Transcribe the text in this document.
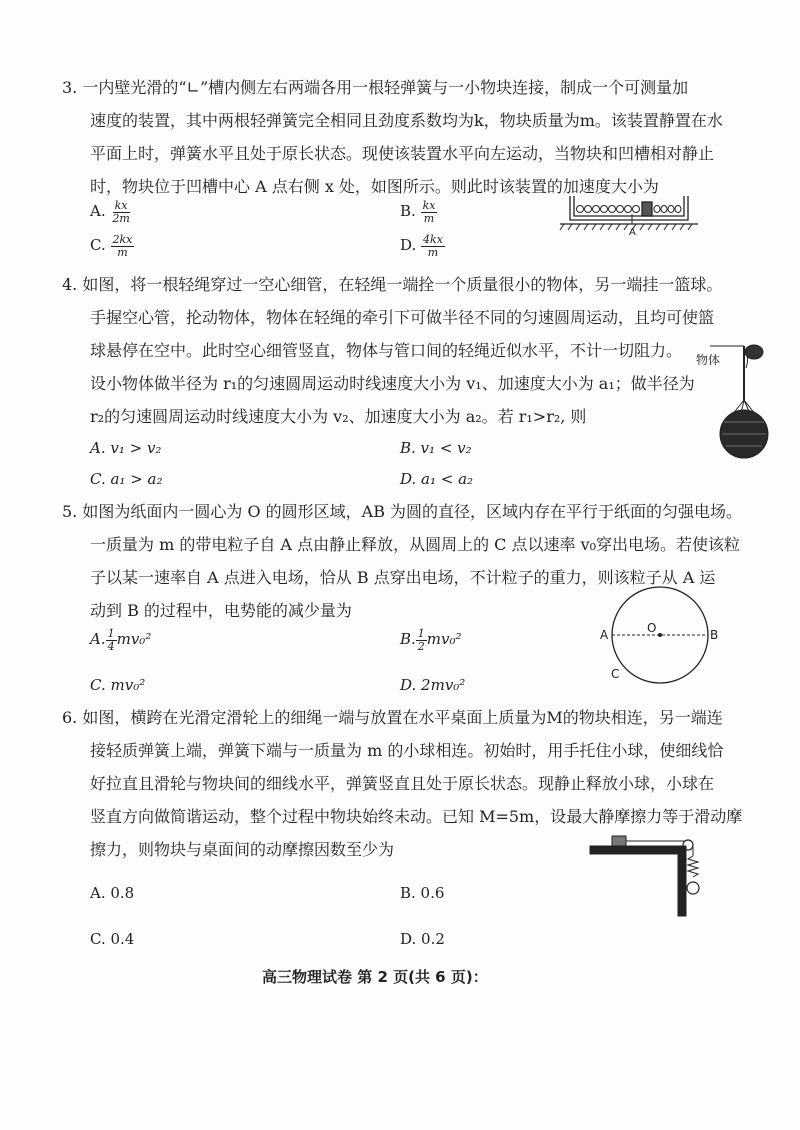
3. 一内壁光滑的“∟”槽内侧左右两端各用一根轻弹簧与一小物块连接，制成一个可测量加
速度的装置，其中两根轻弹簧完全相同且劲度系数均为k，物块质量为m。该装置静置在水
平面上时，弹簧水平且处于原长状态。现使该装置水平向左运动，当物块和凹槽相对静止
时，物块位于凹槽中心 A 点右侧 x 处，如图所示。则此时该装置的加速度大小为
A. $\frac{kx}{2m}$	B. $\frac{kx}{m}$
C. $\frac{2kx}{m}$	D. $\frac{4kx}{m}$
A
4. 如图，将一根轻绳穿过一空心细管，在轻绳一端拴一个质量很小的物体，另一端挂一篮球。
手握空心管，抡动物体，物体在轻绳的牵引下可做半径不同的匀速圆周运动，且均可使篮
球悬停在空中。此时空心细管竖直，物体与管口间的轻绳近似水平，不计一切阻力。
设小物体做半径为 r₁的匀速圆周运动时线速度大小为 v₁、加速度大小为 a₁；做半径为
r₂的匀速圆周运动时线速度大小为 v₂、加速度大小为 a₂。若 r₁>r₂, 则
A. v₁ > v₂	B. v₁ < v₂
C. a₁ > a₂	D. a₁ < a₂
物体
5. 如图为纸面内一圆心为 O 的圆形区域，AB 为圆的直径，区域内存在平行于纸面的匀强电场。
一质量为 m 的带电粒子自 A 点由静止释放，从圆周上的 C 点以速率 v₀穿出电场。若使该粒
子以某一速率自 A 点进入电场，恰从 B 点穿出电场，不计粒子的重力，则该粒子从 A 运
动到 B 的过程中，电势能的减少量为
A. $\frac{1}{4} mv_0^2$	B. $\frac{1}{2} mv_0^2$
C. mv₀²	D. 2mv₀²
A	B
O
C
6. 如图，横跨在光滑定滑轮上的细绳一端与放置在水平桌面上质量为M的物块相连，另一端连
接轻质弹簧上端，弹簧下端与一质量为 m 的小球相连。初始时，用手托住小球，使细线恰
好拉直且滑轮与物块间的细线水平，弹簧竖直且处于原长状态。现静止释放小球，小球在
竖直方向做简谐运动，整个过程中物块始终未动。已知 M=5m，设最大静摩擦力等于滑动摩
擦力，则物块与桌面间的动摩擦因数至少为
A. 0.8	B. 0.6
C. 0.4	D. 0.2
高三物理试卷 第 2 页(共 6 页)：
